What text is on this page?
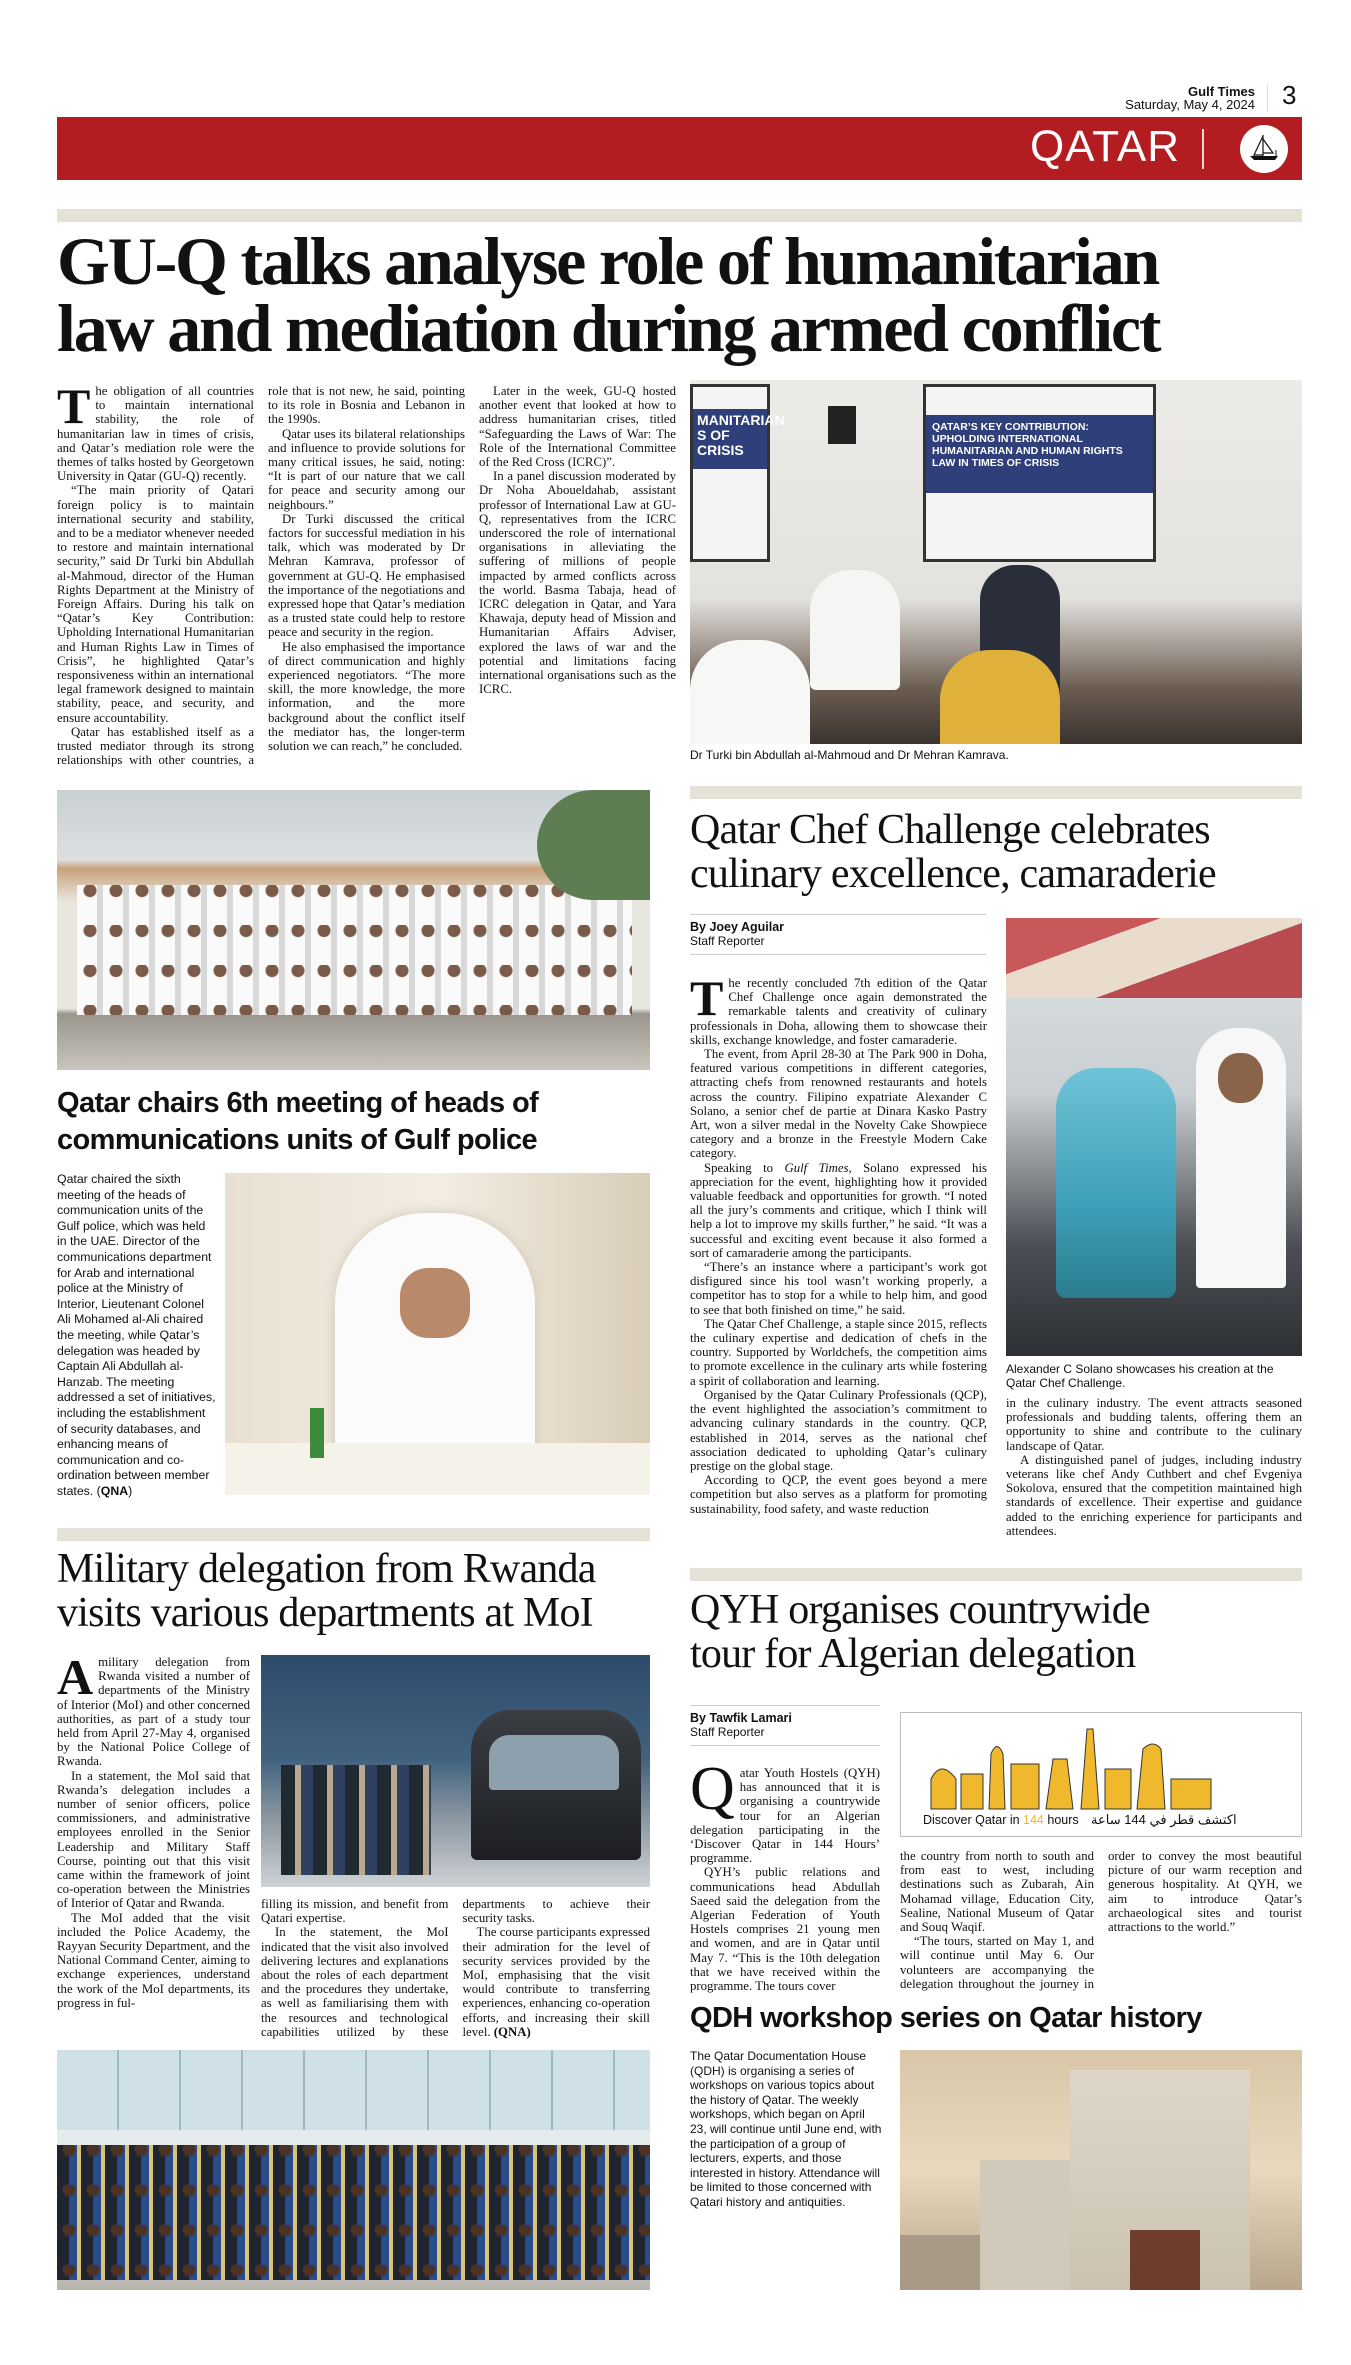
Gulf Times
Saturday, May 4, 2024 3
QATAR
GU-Q talks analyse role of humanitarian
law and mediation during armed conflict

The obligation of all countries to maintain international stability, the role of humanitarian law in times of crisis, and Qatar’s mediation role were the themes of talks hosted by Georgetown University in Qatar (GU-Q) recently.

“The main priority of Qatari foreign policy is to maintain international security and stability, and to be a mediator whenever needed to restore and maintain international security,” said Dr Turki bin Abdullah al-Mahmoud, director of the Human Rights Department at the Ministry of Foreign Affairs. During his talk on “Qatar’s Key Contribution: Upholding International Humanitarian and Human Rights Law in Times of Crisis”, he highlighted Qatar’s responsiveness within an international legal framework designed to maintain stability, peace, and security, and ensure accountability.

Qatar has established itself as a trusted mediator through its strong relationships with other countries, a role that is not new, he said, pointing to its role in Bosnia and Lebanon in the 1990s.

Qatar uses its bilateral relationships and influence to provide solutions for many critical issues, he said, noting: “It is part of our nature that we call for peace and security among our neighbours.”

Dr Turki discussed the critical factors for successful mediation in his talk, which was moderated by Dr Mehran Kamrava, professor of government at GU-Q. He emphasised the importance of the negotiations and expressed hope that Qatar’s mediation as a trusted state could help to restore peace and security in the region.

He also emphasised the importance of direct communication and highly experienced negotiators. “The more skill, the more knowledge, the more information, and the more background about the conflict itself the mediator has, the longer-term solution we can reach,” he concluded.

Later in the week, GU-Q hosted another event that looked at how to address humanitarian crises, titled “Safeguarding the Laws of War: The Role of the International Committee of the Red Cross (ICRC)”.

In a panel discussion moderated by Dr Noha Aboueldahab, assistant professor of International Law at GU-Q, representatives from the ICRC underscored the role of international organisations in alleviating the suffering of millions of people impacted by armed conflicts across the world. Basma Tabaja, head of ICRC delegation in Qatar, and Yara Khawaja, deputy head of Mission and Humanitarian Affairs Adviser, explored the laws of war and the potential and limitations facing international organisations such as the ICRC.

MANITARIAN S OF CRISIS
QATAR’S KEY CONTRIBUTION: UPHOLDING INTERNATIONAL HUMANITARIAN AND HUMAN RIGHTS LAW IN TIMES OF CRISIS
Dr Turki bin Abdullah al-Mahmoud and Dr Mehran Kamrava.
Qatar chairs 6th meeting of heads of
communications units of Gulf police
Qatar chaired the sixth meeting of the heads of communication units of the Gulf police, which was held in the UAE. Director of the communications department for Arab and international police at the Ministry of Interior, Lieutenant Colonel Ali Mohamed al-Ali chaired the meeting, while Qatar’s delegation was headed by Captain Ali Abdullah al-Hanzab. The meeting addressed a set of initiatives, including the establishment of security databases, and enhancing means of communication and co-ordination between member states. (QNA)
Qatar Chef Challenge celebrates
culinary excellence, camaraderie
By Joey Aguilar
Staff Reporter

The recently concluded 7th edition of the Qatar Chef Challenge once again demonstrated the remarkable talents and creativity of culinary professionals in Doha, allowing them to showcase their skills, exchange knowledge, and foster camaraderie.

The event, from April 28-30 at The Park 900 in Doha, featured various competitions in different categories, attracting chefs from renowned restaurants and hotels across the country. Filipino expatriate Alexander C Solano, a senior chef de partie at Dinara Kasko Pastry Art, won a silver medal in the Novelty Cake Showpiece category and a bronze in the Freestyle Modern Cake category.

Speaking to Gulf Times, Solano expressed his appreciation for the event, highlighting how it provided valuable feedback and opportunities for growth. “I noted all the jury’s comments and critique, which I think will help a lot to improve my skills further,” he said. “It was a successful and exciting event because it also formed a sort of camaraderie among the participants.

“There’s an instance where a participant’s work got disfigured since his tool wasn’t working properly, a competitor has to stop for a while to help him, and good to see that both finished on time,” he said.

The Qatar Chef Challenge, a staple since 2015, reflects the culinary expertise and dedication of chefs in the country. Supported by Worldchefs, the competition aims to promote excellence in the culinary arts while fostering a spirit of collaboration and learning.

Organised by the Qatar Culinary Professionals (QCP), the event highlighted the association’s commitment to advancing culinary standards in the country. QCP, established in 2014, serves as the national chef association dedicated to upholding Qatar’s culinary prestige on the global stage.

According to QCP, the event goes beyond a mere competition but also serves as a platform for promoting sustainability, food safety, and waste reduction

Alexander C Solano showcases his creation at the Qatar Chef Challenge.

in the culinary industry. The event attracts seasoned professionals and budding talents, offering them an opportunity to shine and contribute to the culinary landscape of Qatar.

A distinguished panel of judges, including industry veterans like chef Andy Cuthbert and chef Evgeniya Sokolova, ensured that the competition maintained high standards of excellence. Their expertise and guidance added to the enriching experience for participants and attendees.

Military delegation from Rwanda
visits various departments at MoI

A military delegation from Rwanda visited a number of departments of the Ministry of Interior (MoI) and other concerned authorities, as part of a study tour held from April 27-May 4, organised by the National Police College of Rwanda.

In a statement, the MoI said that Rwanda’s delegation includes a number of senior officers, police commissioners, and administrative employees enrolled in the Senior Leadership and Military Staff Course, pointing out that this visit came within the framework of joint co-operation between the Ministries of Interior of Qatar and Rwanda.

The MoI added that the visit included the Police Academy, the Rayyan Security Department, and the National Command Center, aiming to exchange experiences, understand the work of the MoI departments, its progress in ful-

filling its mission, and benefit from Qatari expertise.

In the statement, the MoI indicated that the visit also involved delivering lectures and explanations about the roles of each department and the procedures they undertake, as well as familiarising them with the resources and technological capabilities utilized by these departments to achieve their security tasks.

The course participants expressed their admiration for the level of security services provided by the MoI, emphasising that the visit would contribute to transferring experiences, enhancing co-operation efforts, and increasing their skill level. (QNA)

QYH organises countrywide
tour for Algerian delegation
By Tawfik Lamari
Staff Reporter

Qatar Youth Hostels (QYH) has announced that it is organising a countrywide tour for an Algerian delegation participating in the ‘Discover Qatar in 144 Hours’ programme.

QYH’s public relations and communications head Abdullah Saeed said the delegation from the Algerian Federation of Youth Hostels comprises 21 young men and women, and are in Qatar until May 7. “This is the 10th delegation that we have received within the programme. The tours cover

Discover Qatar in 144 hours اكتشف قطر في 144 ساعة

the country from north to south and from east to west, including destinations such as Zubarah, Ain Mohamad village, Education City, Sealine, National Museum of Qatar and Souq Waqif.

“The tours, started on May 1, and will continue until May 6. Our volunteers are accompanying the delegation throughout the journey in order to convey the most beautiful picture of our warm reception and generous hospitality. At QYH, we aim to introduce Qatar’s archaeological sites and tourist attractions to the world.”

QDH workshop series on Qatar history
The Qatar Documentation House (QDH) is organising a series of workshops on various topics about the history of Qatar. The weekly workshops, which began on April 23, will continue until June end, with the participation of a group of lecturers, experts, and those interested in history. Attendance will be limited to those concerned with Qatari history and antiquities.
